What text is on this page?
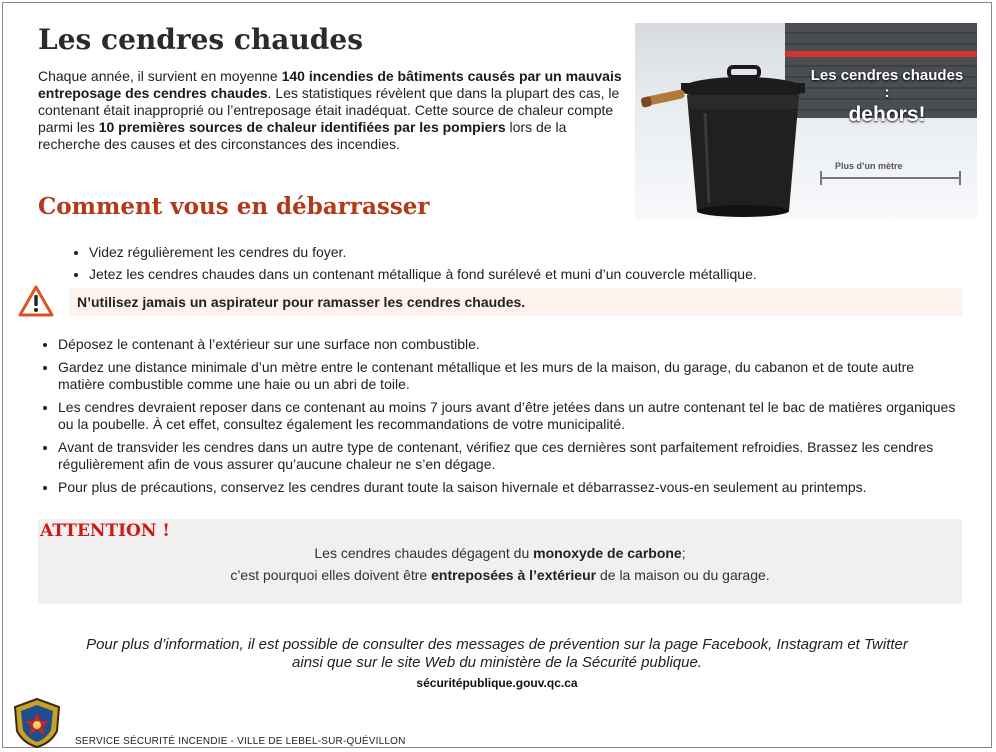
Les cendres chaudes
Chaque année, il survient en moyenne 140 incendies de bâtiments causés par un mauvais entreposage des cendres chaudes. Les statistiques révèlent que dans la plupart des cas, le contenant était inapproprié ou l’entreposage était inadéquat. Cette source de chaleur compte parmi les 10 premières sources de chaleur identifiées par les pompiers lors de la recherche des causes et des circonstances des incendies.
Les cendres chaudes :
dehors!
Plus d’un mètre
Comment vous en débarrasser
• Videz régulièrement les cendres du foyer.
• Jetez les cendres chaudes dans un contenant métallique à fond surélevé et muni d’un couvercle métallique.
N’utilisez jamais un aspirateur pour ramasser les cendres chaudes.
• Déposez le contenant à l’extérieur sur une surface non combustible.
• Gardez une distance minimale d’un mètre entre le contenant métallique et les murs de la maison, du garage, du cabanon et de toute autre matière combustible comme une haie ou un abri de toile.
• Les cendres devraient reposer dans ce contenant au moins 7 jours avant d’être jetées dans un autre contenant tel le bac de matières organiques ou la poubelle. À cet effet, consultez également les recommandations de votre municipalité.
• Avant de transvider les cendres dans un autre type de contenant, vérifiez que ces dernières sont parfaitement refroidies. Brassez les cendres régulièrement afin de vous assurer qu’aucune chaleur ne s’en dégage.
• Pour plus de précautions, conservez les cendres durant toute la saison hivernale et débarrassez-vous-en seulement au printemps.
ATTENTION !
Les cendres chaudes dégagent du monoxyde de carbone;
c’est pourquoi elles doivent être entreposées à l’extérieur de la maison ou du garage.
Pour plus d’information, il est possible de consulter des messages de prévention sur la page Facebook, Instagram et Twitter
ainsi que sur le site Web du ministère de la Sécurité publique.
sécuritépublique.gouv.qc.ca
SERVICE SÉCURITÉ INCENDIE - VILLE DE LEBEL-SUR-QUÉVILLON
